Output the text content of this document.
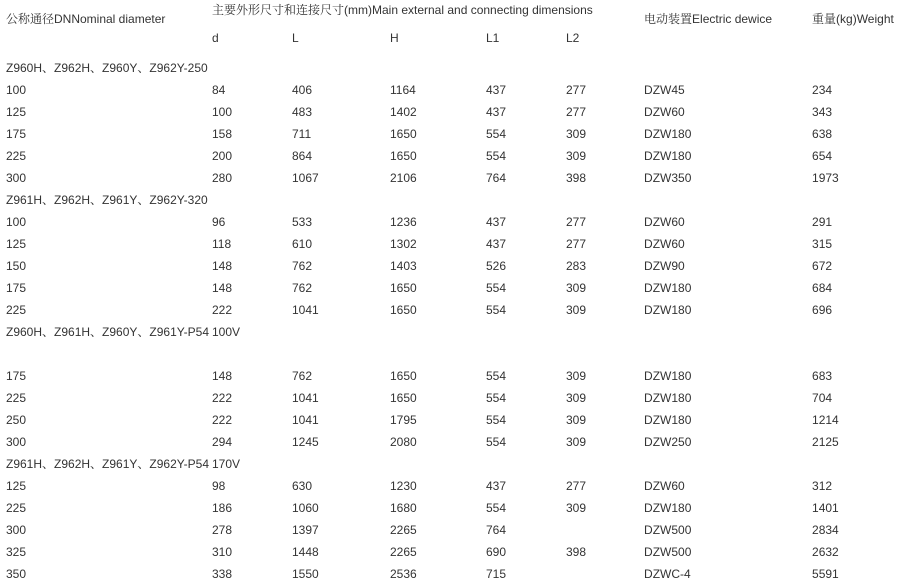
公称通径DNNominal diameter	主要外形尺寸和连接尺寸(mm)Main external and connecting dimensions					电动装置Electric dewice	重量(kg)Weight
	d	L	H	L1	L2		
Z960H、Z962H、Z960Y、Z962Y-250							
100	84	406	1164	437	277	DZW45	234
125	100	483	1402	437	277	DZW60	343
175	158	711	1650	554	309	DZW180	638
225	200	864	1650	554	309	DZW180	654
300	280	1067	2106	764	398	DZW350	1973
Z961H、Z962H、Z961Y、Z962Y-320							
100	96	533	1236	437	277	DZW60	291
125	118	610	1302	437	277	DZW60	315
150	148	762	1403	526	283	DZW90	672
175	148	762	1650	554	309	DZW180	684
225	222	1041	1650	554	309	DZW180	696
Z960H、Z961H、Z960Y、Z961Y-P54	100V						

175	148	762	1650	554	309	DZW180	683
225	222	1041	1650	554	309	DZW180	704
250	222	1041	1795	554	309	DZW180	1214
300	294	1245	2080	554	309	DZW250	2125
Z961H、Z962H、Z961Y、Z962Y-P54	170V						
125	98	630	1230	437	277	DZW60	312
225	186	1060	1680	554	309	DZW180	1401
300	278	1397	2265	764		DZW500	2834
325	310	1448	2265	690	398	DZW500	2632
350	338	1550	2536	715		DZWC-4	5591
